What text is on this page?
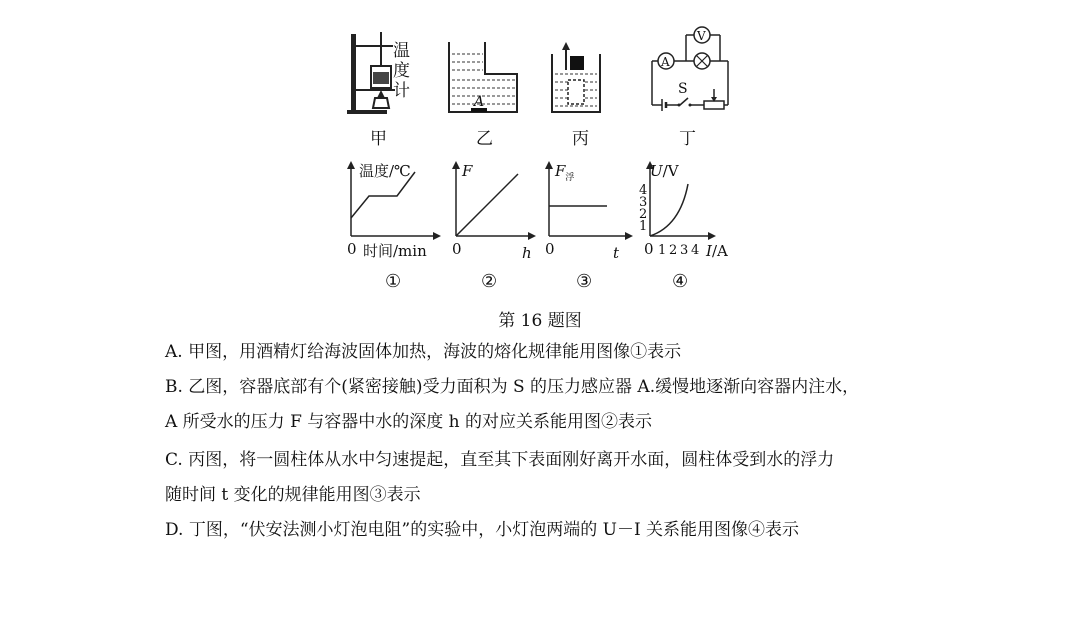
温
度
计
A
A
V
S
甲	乙	丙	丁
温度/℃
0 时间/min
F
0	h
$F_浮$
0	t
U/V
4
3
2
1
0 1 2 3 4 I/A
①	②	③	④
第 16 题图
A. 甲图，用酒精灯给海波固体加热，海波的熔化规律能用图像①表示
B. 乙图，容器底部有个(紧密接触)受力面积为 S 的压力感应器 A.缓慢地逐渐向容器内注水，
A 所受水的压力 F 与容器中水的深度 h 的对应关系能用图②表示
C. 丙图，将一圆柱体从水中匀速提起，直至其下表面刚好离开水面，圆柱体受到水的浮力
随时间 t 变化的规律能用图③表示
D. 丁图，“伏安法测小灯泡电阻”的实验中，小灯泡两端的 U－I 关系能用图像④表示
